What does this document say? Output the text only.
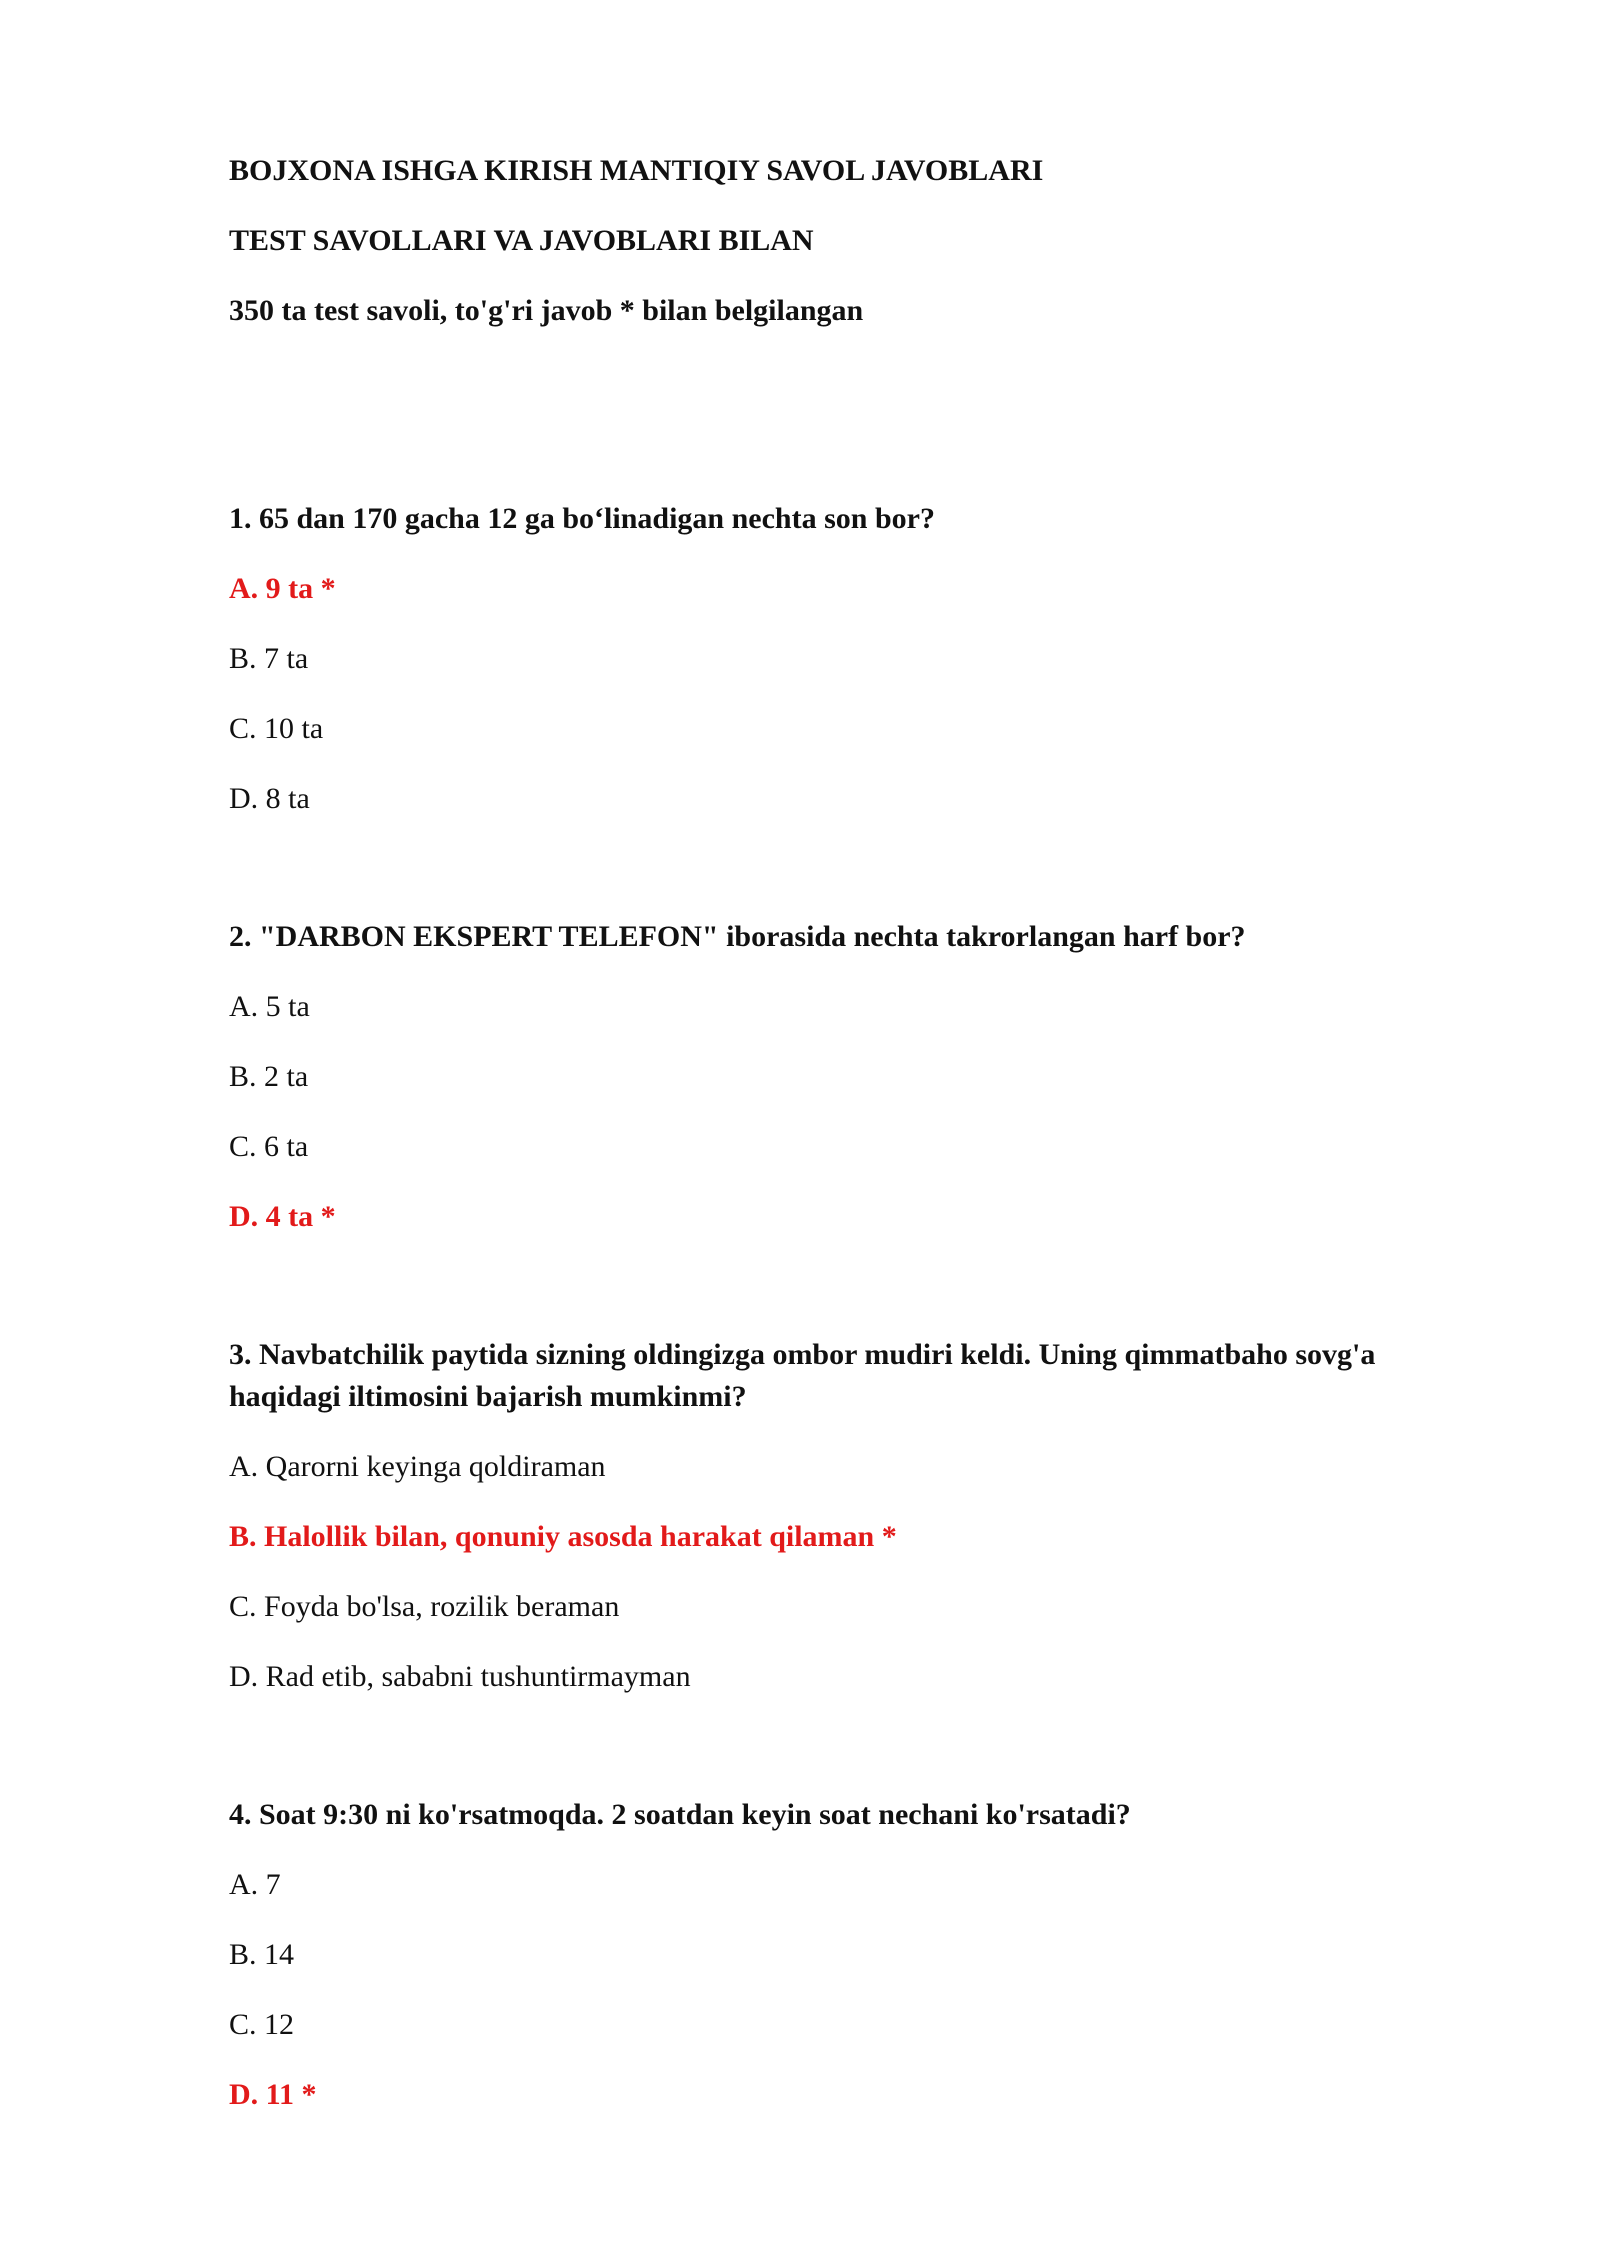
BOJXONA ISHGA KIRISH MANTIQIY SAVOL JAVOBLARI
TEST SAVOLLARI VA JAVOBLARI BILAN
350 ta test savoli, to'g'ri javob * bilan belgilangan
1. 65 dan 170 gacha 12 ga bo‘linadigan nechta son bor?
A. 9 ta *
B. 7 ta
C. 10 ta
D. 8 ta
2. "DARBON EKSPERT TELEFON" iborasida nechta takrorlangan harf bor?
A. 5 ta
B. 2 ta
C. 6 ta
D. 4 ta *
3. Navbatchilik paytida sizning oldingizga ombor mudiri keldi. Uning qimmatbaho sovg'a haqidagi iltimosini bajarish mumkinmi?
A. Qarorni keyinga qoldiraman
B. Halollik bilan, qonuniy asosda harakat qilaman *
C. Foyda bo'lsa, rozilik beraman
D. Rad etib, sababni tushuntirmayman
4. Soat 9:30 ni ko'rsatmoqda. 2 soatdan keyin soat nechani ko'rsatadi?
A. 7
B. 14
C. 12
D. 11 *
